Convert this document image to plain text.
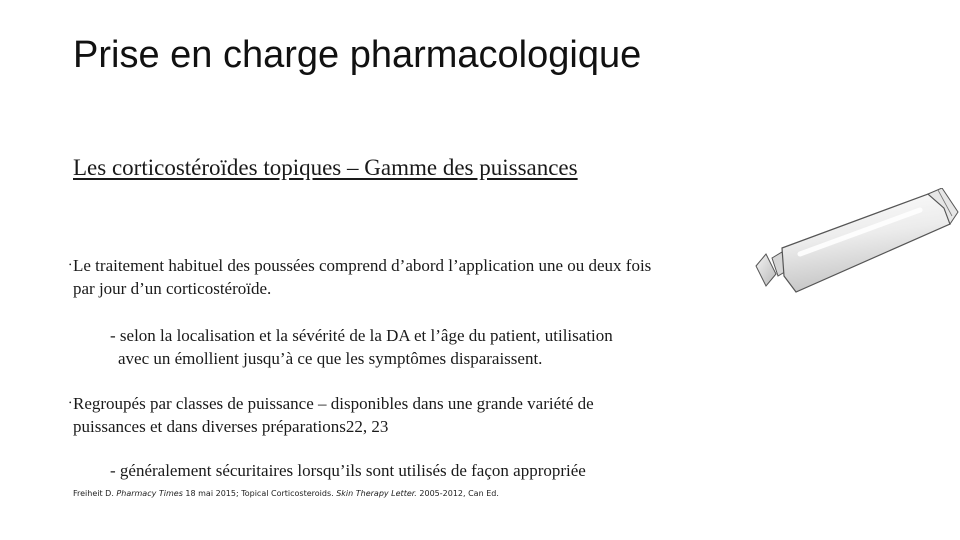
Prise en charge pharmacologique
Les corticostéroïdes topiques – Gamme des puissances
• Le traitement habituel des poussées comprend d’abord l’application une ou deux fois
par jour d’un corticostéroïde.
- selon la localisation et la sévérité de la DA et l’âge du patient, utilisation
avec un émollient jusqu’à ce que les symptômes disparaissent.
• Regroupés par classes de puissance – disponibles dans une grande variété de
puissances et dans diverses préparations22, 23
- généralement sécuritaires lorsqu’ils sont utilisés de façon appropriée
Freiheit D. Pharmacy Times 18 mai 2015; Topical Corticosteroids. Skin Therapy Letter. 2005-2012, Can Ed.
